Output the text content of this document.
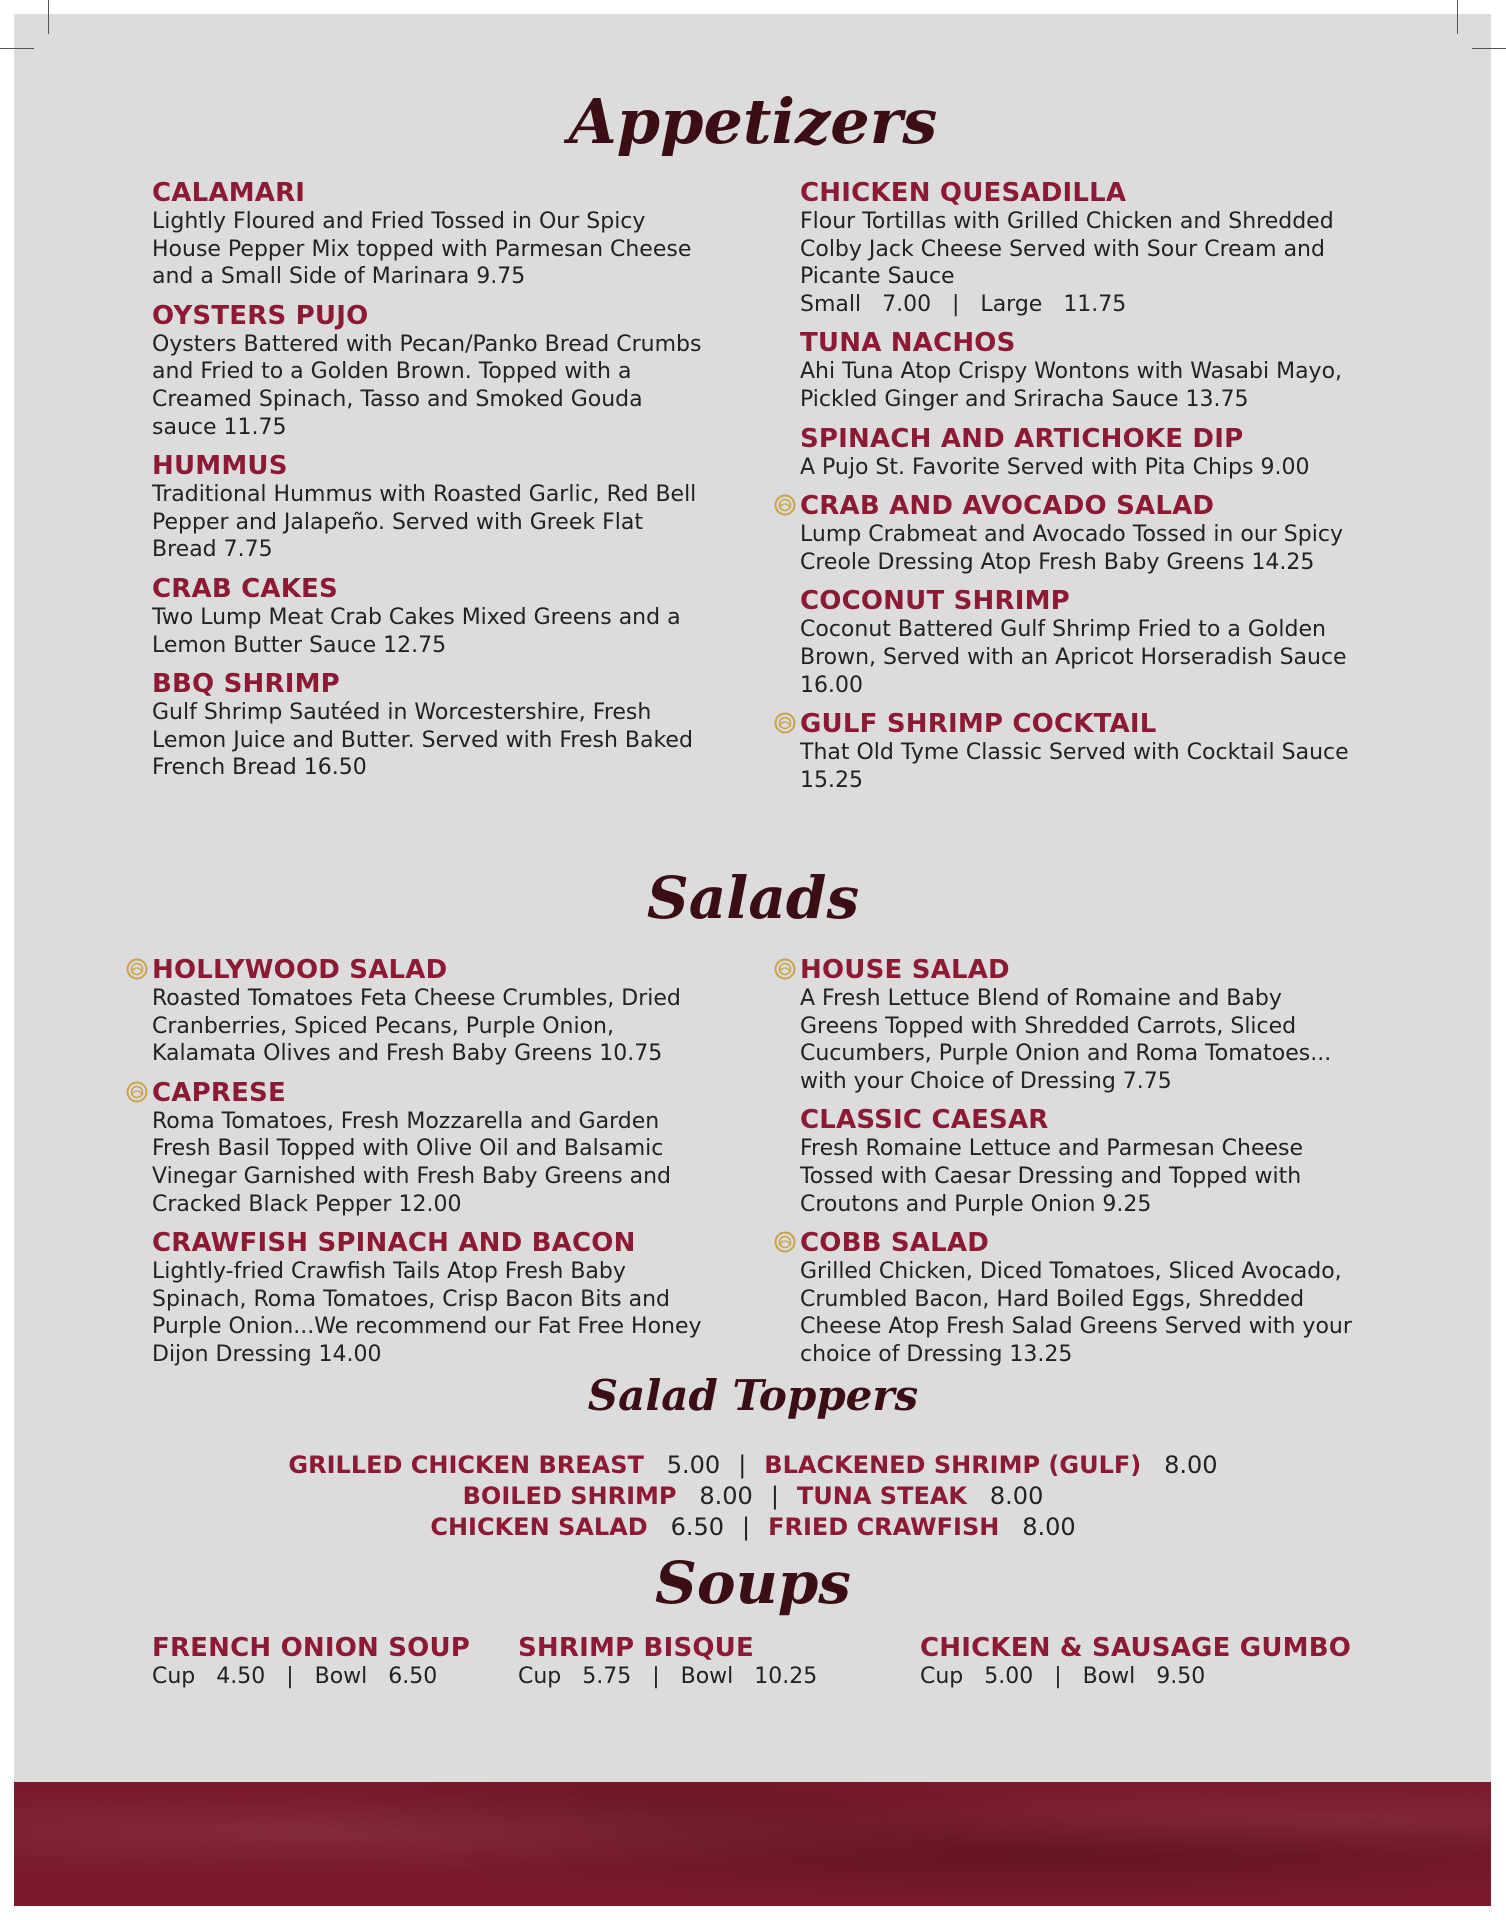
Appetizers
CALAMARI
Lightly Floured and Fried Tossed in Our Spicy House Pepper Mix topped with Parmesan Cheese and a Small Side of Marinara 9.75
OYSTERS PUJO
Oysters Battered with Pecan/Panko Bread Crumbs and Fried to a Golden Brown. Topped with a Creamed Spinach, Tasso and Smoked Gouda sauce 11.75
HUMMUS
Traditional Hummus with Roasted Garlic, Red Bell Pepper and Jalapeño. Served with Greek Flat Bread 7.75
CRAB CAKES
Two Lump Meat Crab Cakes Mixed Greens and a Lemon Butter Sauce 12.75
BBQ SHRIMP
Gulf Shrimp Sautéed in Worcestershire, Fresh Lemon Juice and Butter. Served with Fresh Baked French Bread 16.50
CHICKEN QUESADILLA
Flour Tortillas with Grilled Chicken and Shredded Colby Jack Cheese Served with Sour Cream and Picante Sauce
Small   7.00   |   Large   11.75
TUNA NACHOS
Ahi Tuna Atop Crispy Wontons with Wasabi Mayo, Pickled Ginger and Sriracha Sauce 13.75
SPINACH AND ARTICHOKE DIP
A Pujo St. Favorite Served with Pita Chips 9.00
CRAB AND AVOCADO SALAD
Lump Crabmeat and Avocado Tossed in our Spicy Creole Dressing Atop Fresh Baby Greens 14.25
COCONUT SHRIMP
Coconut Battered Gulf Shrimp Fried to a Golden Brown, Served with an Apricot Horseradish Sauce 16.00
GULF SHRIMP COCKTAIL
That Old Tyme Classic Served with Cocktail Sauce 15.25
Salads
HOLLYWOOD SALAD
Roasted Tomatoes Feta Cheese Crumbles, Dried Cranberries, Spiced Pecans, Purple Onion, Kalamata Olives and Fresh Baby Greens 10.75
CAPRESE
Roma Tomatoes, Fresh Mozzarella and Garden Fresh Basil Topped with Olive Oil and Balsamic Vinegar Garnished with Fresh Baby Greens and Cracked Black Pepper 12.00
CRAWFISH SPINACH AND BACON
Lightly-fried Crawfish Tails Atop Fresh Baby Spinach, Roma Tomatoes, Crisp Bacon Bits and Purple Onion...We recommend our Fat Free Honey Dijon Dressing 14.00
HOUSE SALAD
A Fresh Lettuce Blend of Romaine and Baby Greens Topped with Shredded Carrots, Sliced Cucumbers, Purple Onion and Roma Tomatoes... with your Choice of Dressing 7.75
CLASSIC CAESAR
Fresh Romaine Lettuce and Parmesan Cheese Tossed with Caesar Dressing and Topped with Croutons and Purple Onion 9.25
COBB SALAD
Grilled Chicken, Diced Tomatoes, Sliced Avocado, Crumbled Bacon, Hard Boiled Eggs, Shredded Cheese Atop Fresh Salad Greens Served with your choice of Dressing 13.25
Salad Toppers
GRILLED CHICKEN BREAST 5.00 | BLACKENED SHRIMP (GULF) 8.00
BOILED SHRIMP 8.00 | TUNA STEAK 8.00
CHICKEN SALAD 6.50 | FRIED CRAWFISH 8.00
Soups
FRENCH ONION SOUP
Cup   4.50   |   Bowl   6.50
SHRIMP BISQUE
Cup   5.75   |   Bowl   10.25
CHICKEN & SAUSAGE GUMBO
Cup   5.00   |   Bowl   9.50
